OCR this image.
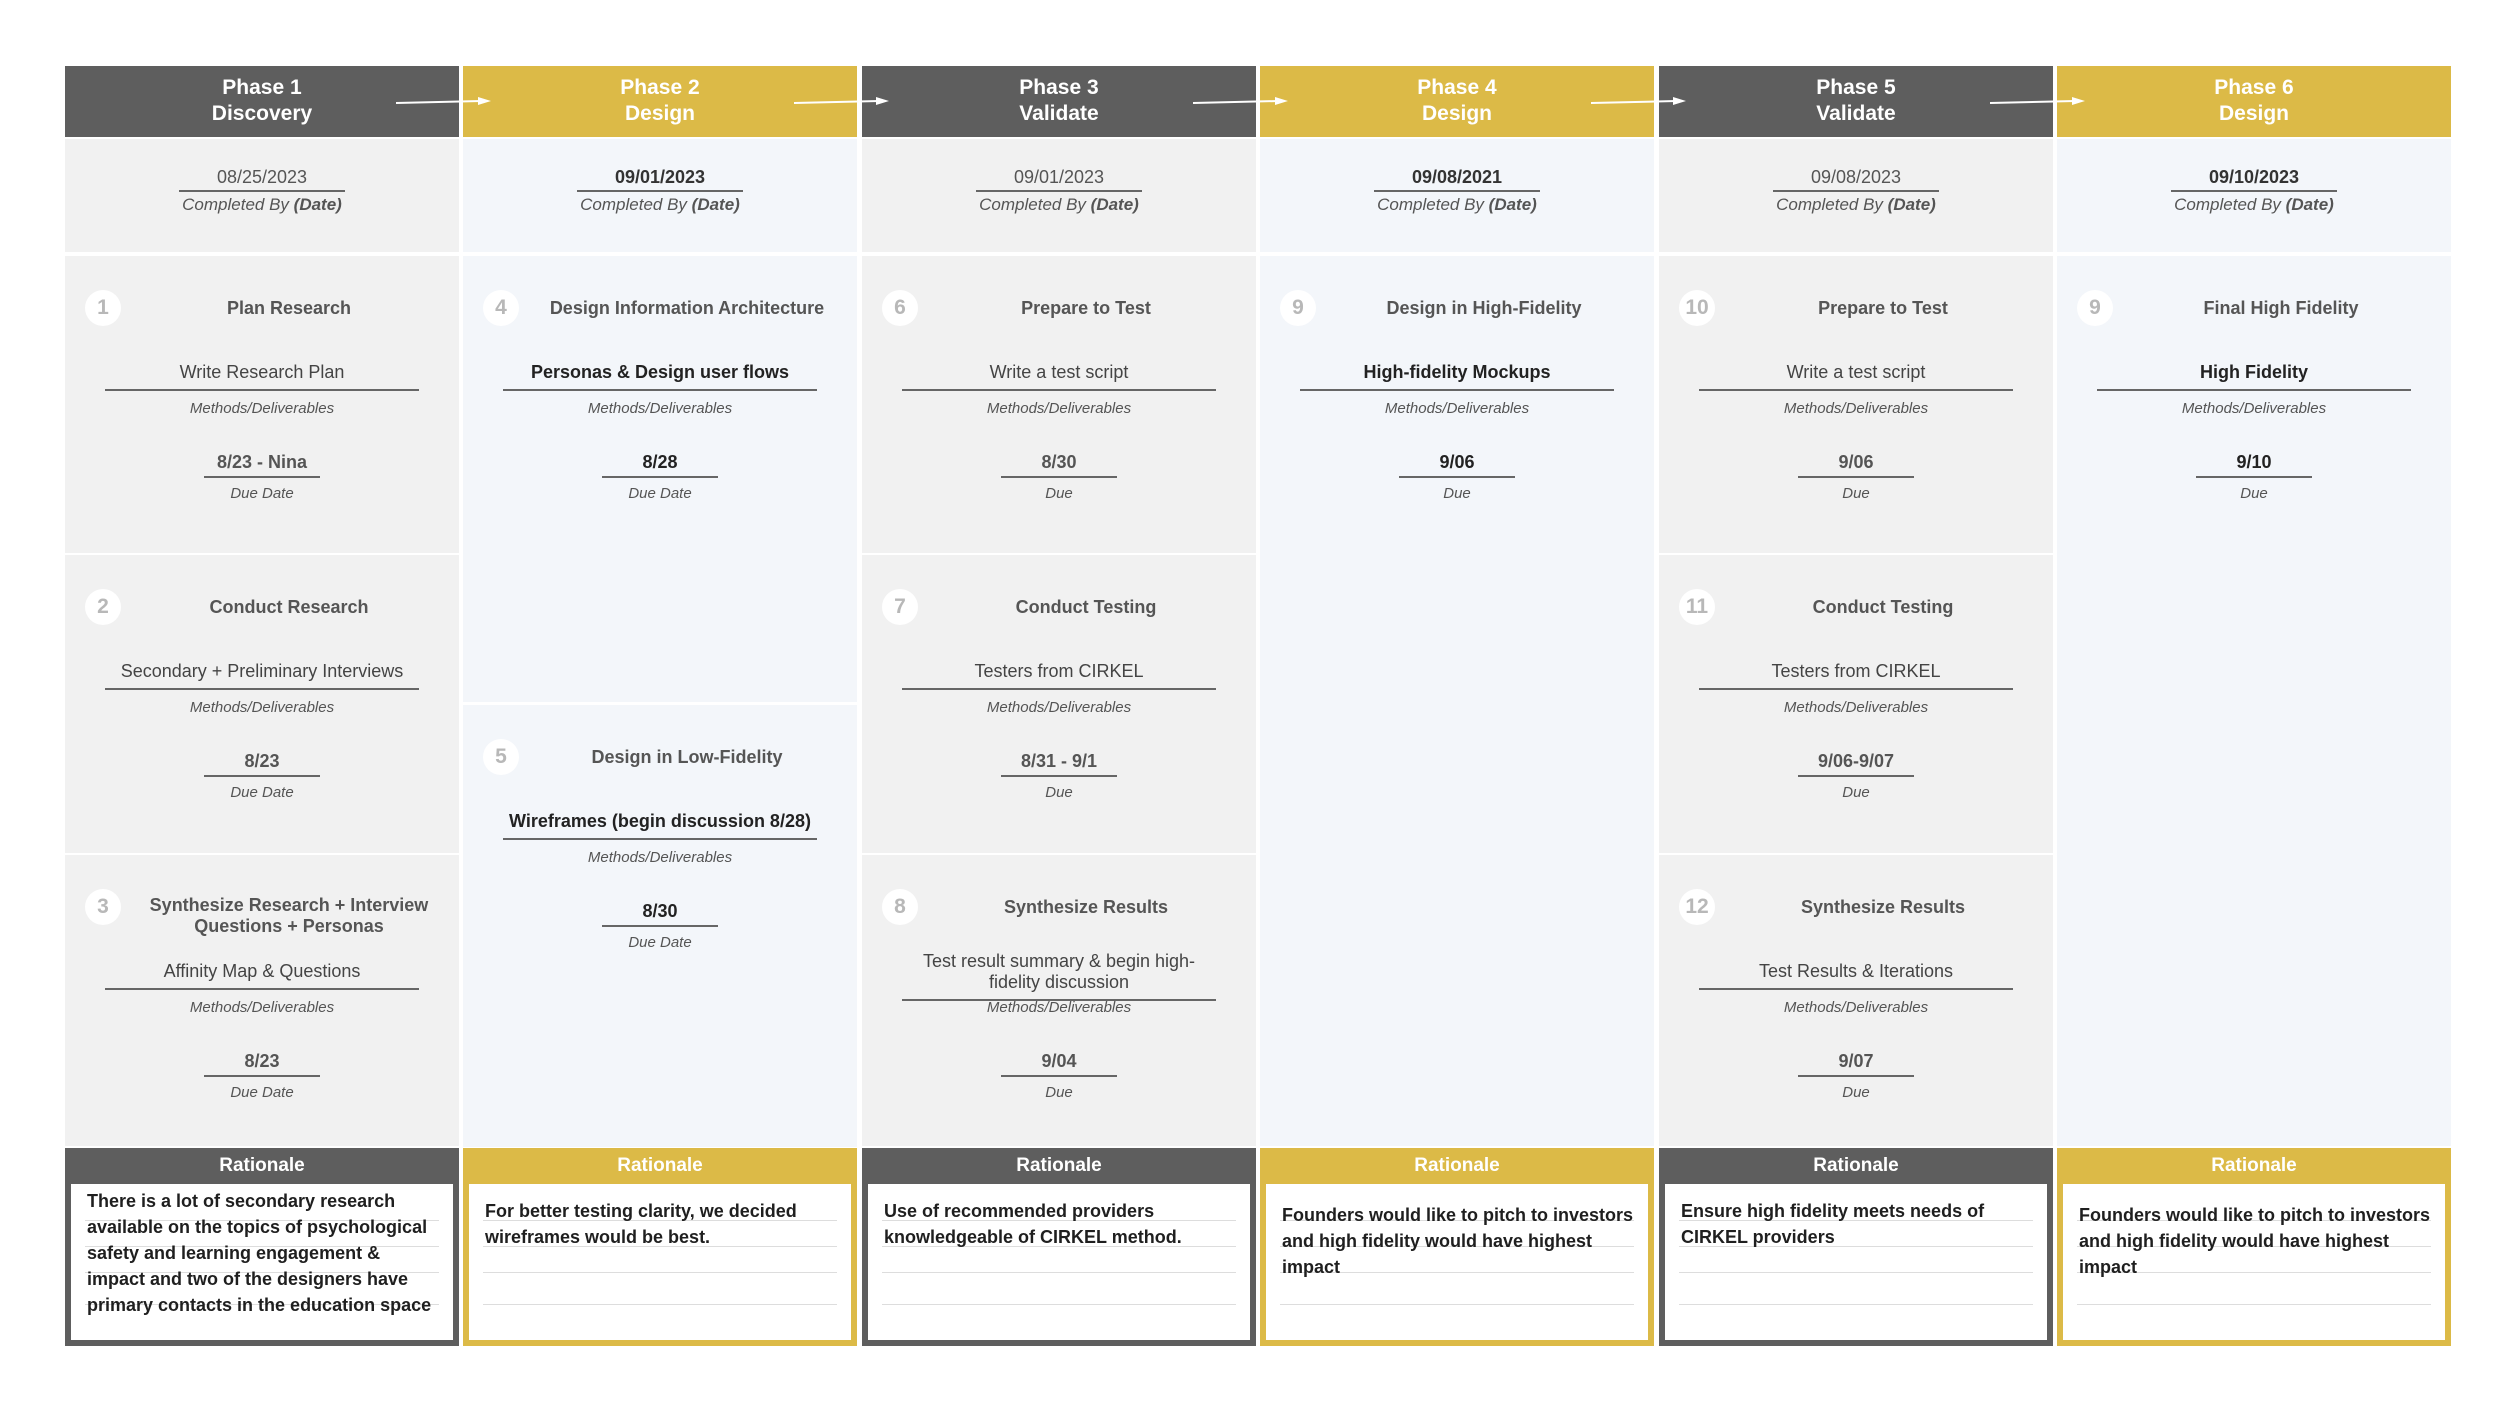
Phase 1
Discovery
08/25/2023
Completed By (Date)
1	Plan Research
Write Research Plan
Methods/Deliverables
8/23 - Nina
Due Date
2	Conduct Research
Secondary + Preliminary Interviews
Methods/Deliverables
8/23
Due Date
3	Synthesize Research + Interview Questions + Personas
Affinity Map & Questions
Methods/Deliverables
8/23
Due Date
Rationale
There is a lot of secondary research available on the topics of psychological safety and learning engagement & impact and two of the designers have primary contacts in the education space
Phase 2
Design
09/01/2023
Completed By (Date)
4	Design Information Architecture
Personas & Design user flows
Methods/Deliverables
8/28
Due Date
5	Design in Low-Fidelity
Wireframes (begin discussion 8/28)
Methods/Deliverables
8/30
Due Date
Rationale
For better testing clarity, we decided wireframes would be best.
Phase 3
Validate
09/01/2023
Completed By (Date)
6	Prepare to Test
Write a test script
Methods/Deliverables
8/30
Due
7	Conduct Testing
Testers from CIRKEL
Methods/Deliverables
8/31 - 9/1
Due
8	Synthesize Results
Test result summary & begin high-fidelity discussion
Methods/Deliverables
9/04
Due
Rationale
Use of recommended providers knowledgeable of CIRKEL method.
Phase 4
Design
09/08/2021
Completed By (Date)
9	Design in High-Fidelity
High-fidelity Mockups
Methods/Deliverables
9/06
Due
Rationale
Founders would like to pitch to investors and high fidelity would have highest impact
Phase 5
Validate
09/08/2023
Completed By (Date)
10	Prepare to Test
Write a test script
Methods/Deliverables
9/06
Due
11	Conduct Testing
Testers from CIRKEL
Methods/Deliverables
9/06-9/07
Due
12	Synthesize Results
Test Results & Iterations
Methods/Deliverables
9/07
Due
Rationale
Ensure high fidelity meets needs of CIRKEL providers
Phase 6
Design
09/10/2023
Completed By (Date)
9	Final High Fidelity
High Fidelity
Methods/Deliverables
9/10
Due
Rationale
Founders would like to pitch to investors and high fidelity would have highest impact
